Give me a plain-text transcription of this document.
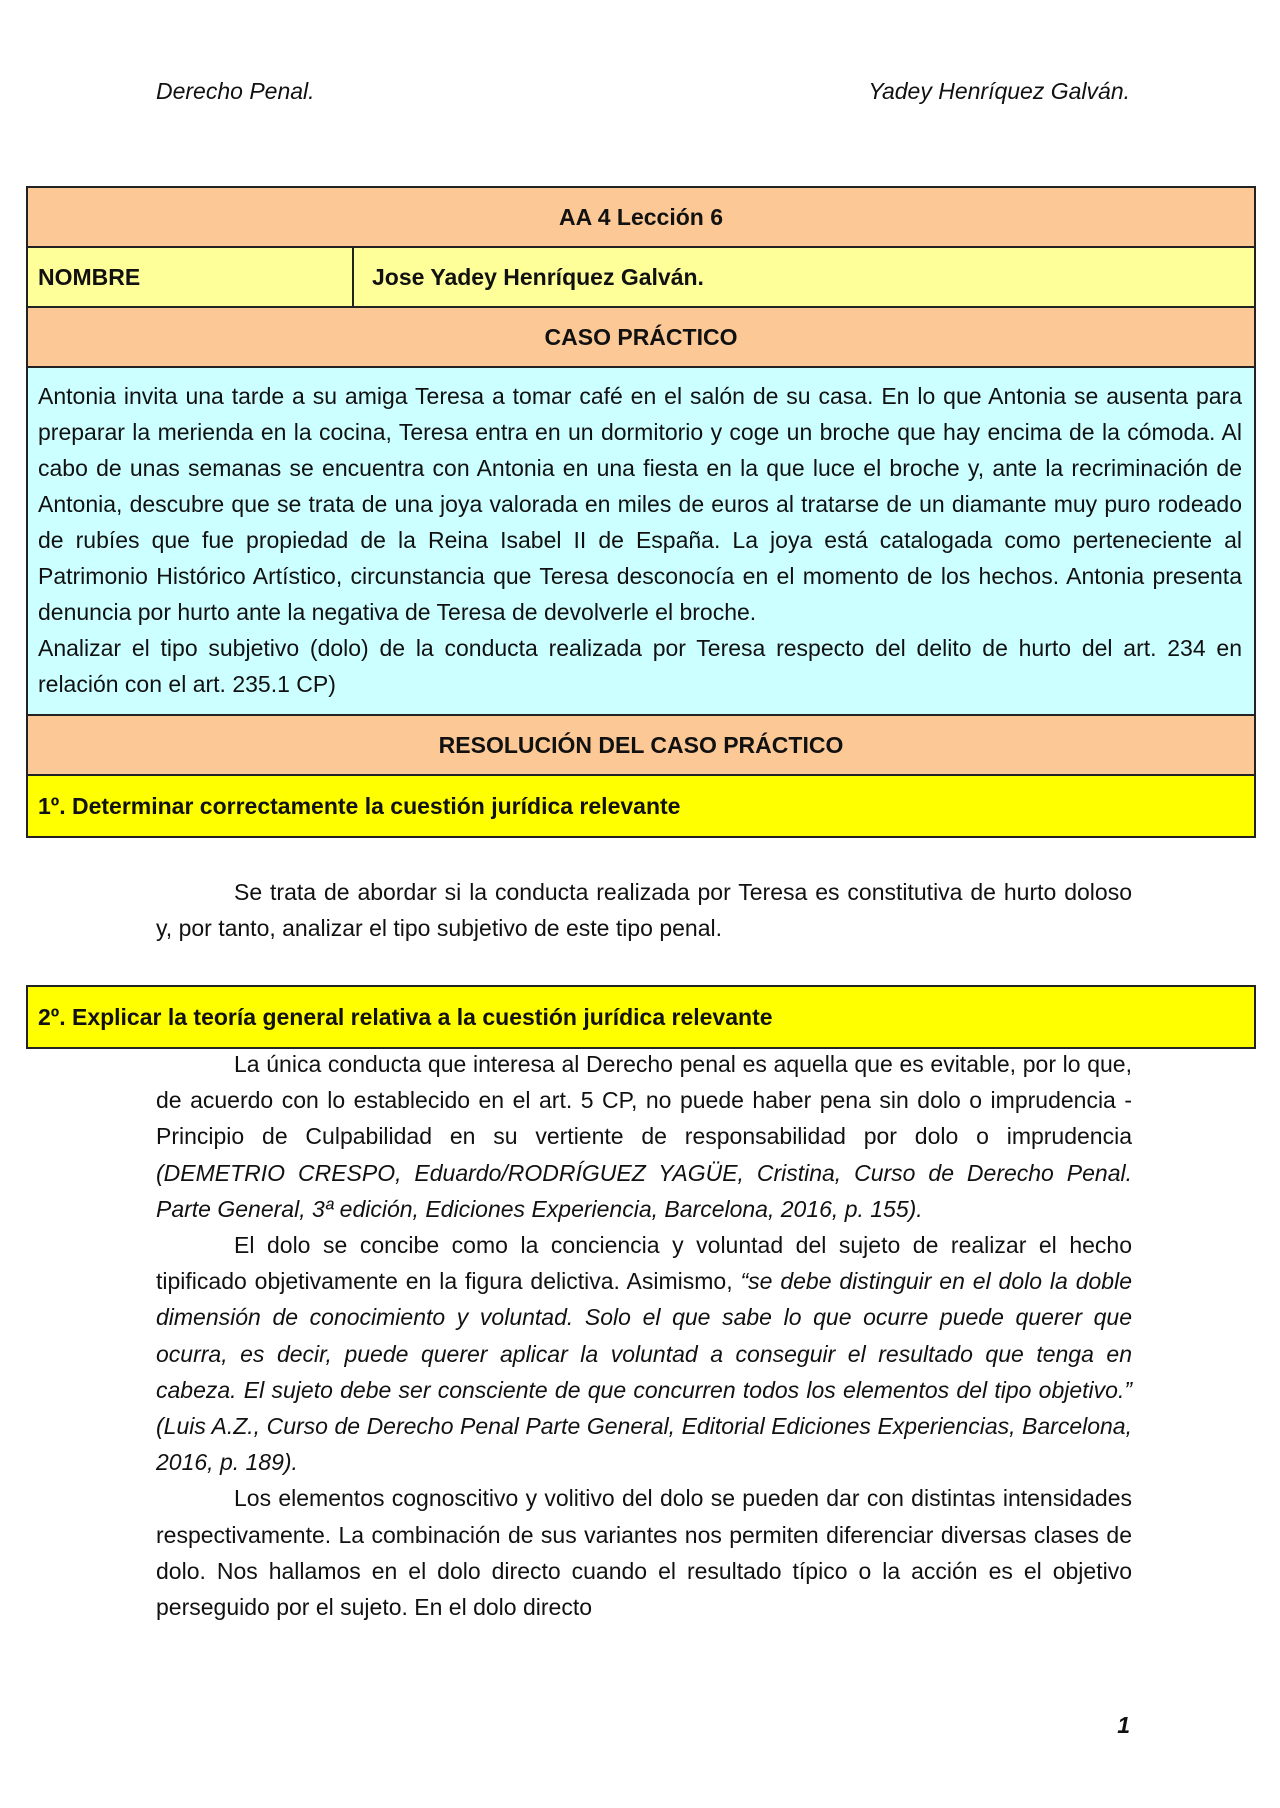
Derecho Penal.	Yadey Henríquez Galván.
AA 4 Lección 6
NOMBRE	Jose Yadey Henríquez Galván.
CASO PRÁCTICO

Antonia invita una tarde a su amiga Teresa a tomar café en el salón de su casa. En lo que Antonia se ausenta para preparar la merienda en la cocina, Teresa entra en un dormitorio y coge un broche que hay encima de la cómoda. Al cabo de unas semanas se encuentra con Antonia en una fiesta en la que luce el broche y, ante la recriminación de Antonia, descubre que se trata de una joya valorada en miles de euros al tratarse de un diamante muy puro rodeado de rubíes que fue propiedad de la Reina Isabel II de España. La joya está catalogada como perteneciente al Patrimonio Histórico Artístico, circunstancia que Teresa desconocía en el momento de los hechos. Antonia presenta denuncia por hurto ante la negativa de Teresa de devolverle el broche.

Analizar el tipo subjetivo (dolo) de la conducta realizada por Teresa respecto del delito de hurto del art. 234 en relación con el art. 235.1 CP)

RESOLUCIÓN DEL CASO PRÁCTICO
1º. Determinar correctamente la cuestión jurídica relevante

Se trata de abordar si la conducta realizada por Teresa es constitutiva de hurto doloso y, por tanto, analizar el tipo subjetivo de este tipo penal.

2º. Explicar la teoría general relativa a la cuestión jurídica relevante

La única conducta que interesa al Derecho penal es aquella que es evitable, por lo que, de acuerdo con lo establecido en el art. 5 CP, no puede haber pena sin dolo o imprudencia -Principio de Culpabilidad en su vertiente de responsabilidad por dolo o imprudencia (DEMETRIO CRESPO, Eduardo/RODRÍGUEZ YAGÜE, Cristina, Curso de Derecho Penal. Parte General, 3ª edición, Ediciones Experiencia, Barcelona, 2016, p. 155).

El dolo se concibe como la conciencia y voluntad del sujeto de realizar el hecho tipificado objetivamente en la figura delictiva. Asimismo, “se debe distinguir en el dolo la doble dimensión de conocimiento y voluntad. Solo el que sabe lo que ocurre puede querer que ocurra, es decir, puede querer aplicar la voluntad a conseguir el resultado que tenga en cabeza. El sujeto debe ser consciente de que concurren todos los elementos del tipo objetivo.” (Luis A.Z., Curso de Derecho Penal Parte General, Editorial Ediciones Experiencias, Barcelona, 2016, p. 189).

Los elementos cognoscitivo y volitivo del dolo se pueden dar con distintas intensidades respectivamente. La combinación de sus variantes nos permiten diferenciar diversas clases de dolo. Nos hallamos en el dolo directo cuando el resultado típico o la acción es el objetivo perseguido por el sujeto. En el dolo directo

1
